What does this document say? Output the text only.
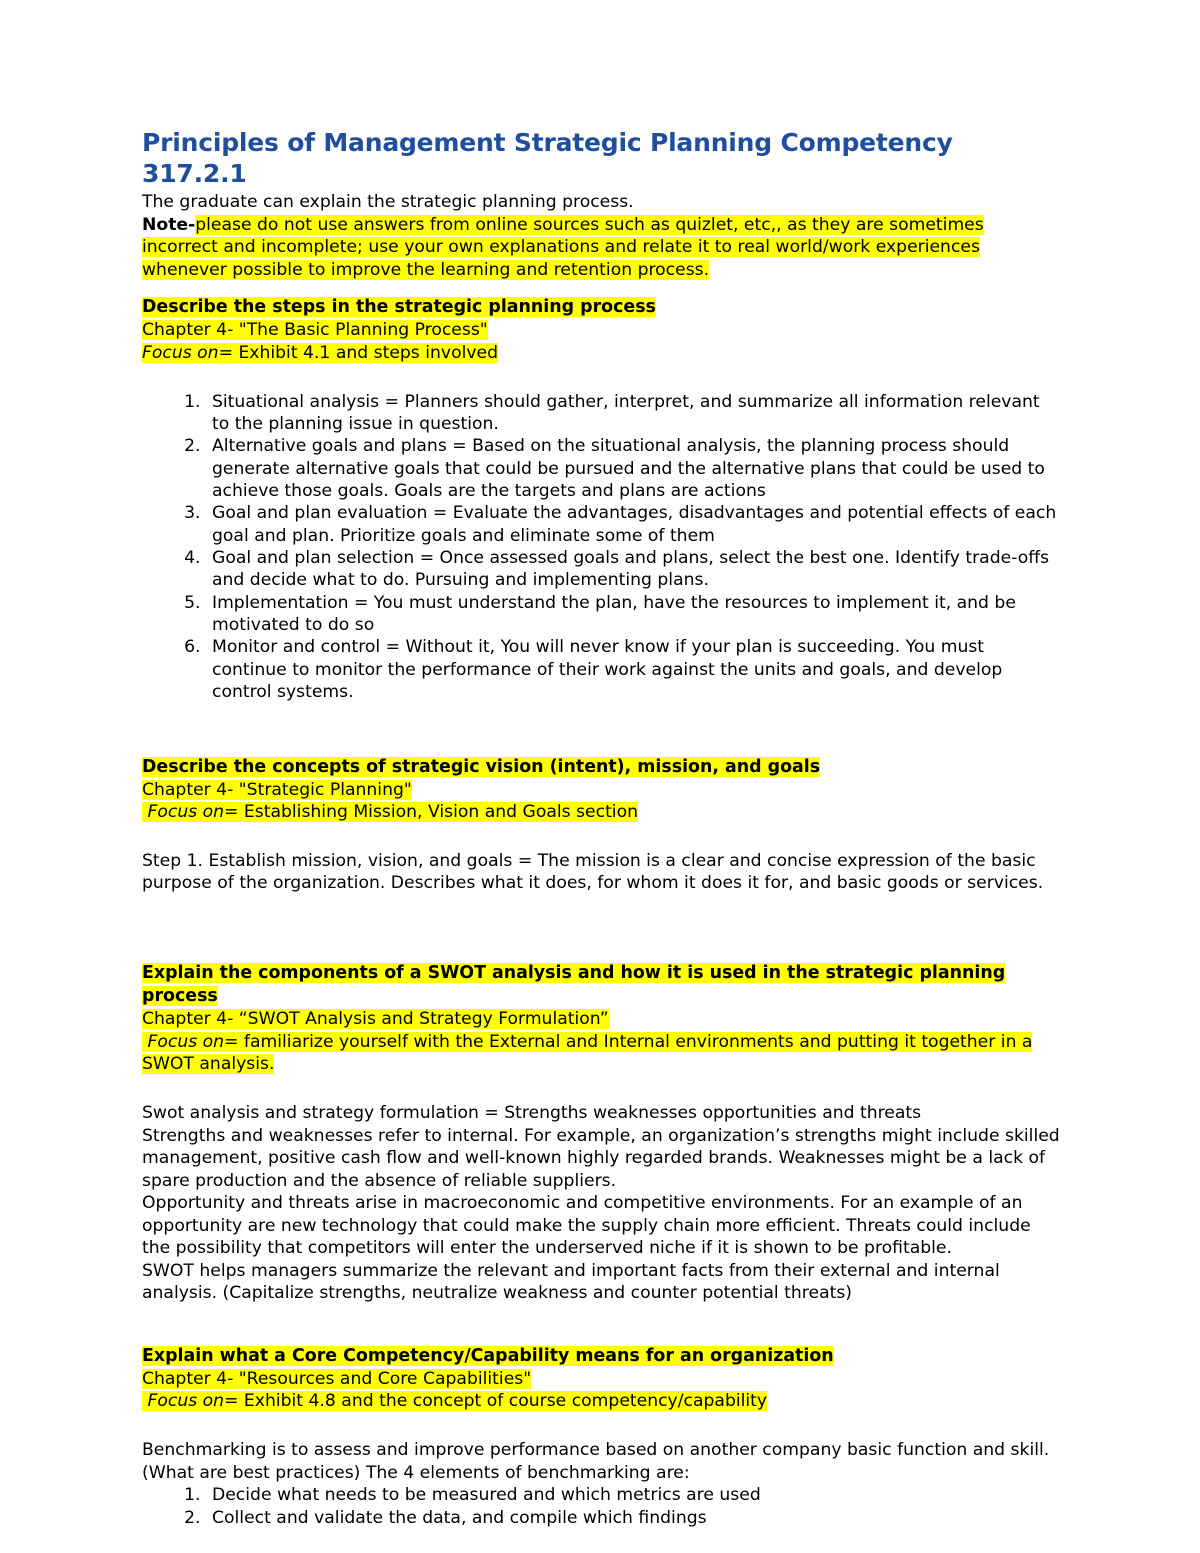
Principles of Management Strategic Planning Competency 317.2.1

The graduate can explain the strategic planning process.

Note-please do not use answers from online sources such as quizlet, etc,, as they are sometimes incorrect and incomplete; use your own explanations and relate it to real world/work experiences whenever possible to improve the learning and retention process.

Describe the steps in the strategic planning process
Chapter 4- "The Basic Planning Process"
Focus on= Exhibit 4.1 and steps involved
1. Situational analysis = Planners should gather, interpret, and summarize all information relevant to the planning issue in question.
2. Alternative goals and plans = Based on the situational analysis, the planning process should generate alternative goals that could be pursued and the alternative plans that could be used to achieve those goals. Goals are the targets and plans are actions
3. Goal and plan evaluation = Evaluate the advantages, disadvantages and potential effects of each goal and plan. Prioritize goals and eliminate some of them
4. Goal and plan selection = Once assessed goals and plans, select the best one. Identify trade-offs and decide what to do. Pursuing and implementing plans.
5. Implementation = You must understand the plan, have the resources to implement it, and be motivated to do so
6. Monitor and control = Without it, You will never know if your plan is succeeding. You must continue to monitor the performance of their work against the units and goals, and develop control systems.
Describe the concepts of strategic vision (intent), mission, and goals
Chapter 4- "Strategic Planning"
Focus on= Establishing Mission, Vision and Goals section

Step 1. Establish mission, vision, and goals = The mission is a clear and concise expression of the basic purpose of the organization. Describes what it does, for whom it does it for, and basic goods or services.

Explain the components of a SWOT analysis and how it is used in the strategic planning process
Chapter 4- “SWOT Analysis and Strategy Formulation”
Focus on= familiarize yourself with the External and Internal environments and putting it together in a SWOT analysis.

Swot analysis and strategy formulation = Strengths weaknesses opportunities and threats

Strengths and weaknesses refer to internal. For example, an organization’s strengths might include skilled management, positive cash flow and well-known highly regarded brands. Weaknesses might be a lack of spare production and the absence of reliable suppliers.

Opportunity and threats arise in macroeconomic and competitive environments. For an example of an opportunity are new technology that could make the supply chain more efficient. Threats could include the possibility that competitors will enter the underserved niche if it is shown to be profitable.

SWOT helps managers summarize the relevant and important facts from their external and internal analysis. (Capitalize strengths, neutralize weakness and counter potential threats)

Explain what a Core Competency/Capability means for an organization
Chapter 4- "Resources and Core Capabilities"
Focus on= Exhibit 4.8 and the concept of course competency/capability

Benchmarking is to assess and improve performance based on another company basic function and skill. (What are best practices) The 4 elements of benchmarking are:

1. Decide what needs to be measured and which metrics are used
2. Collect and validate the data, and compile which findings
